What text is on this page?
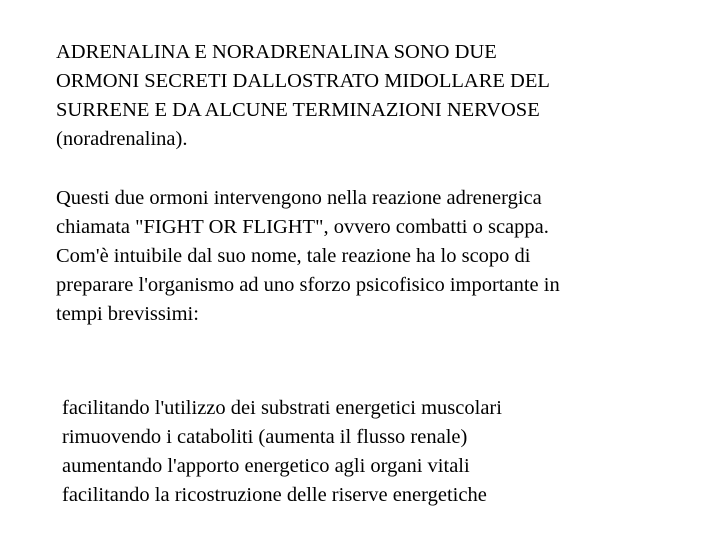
ADRENALINA E NORADRENALINA SONO DUE
ORMONI SECRETI DALLOSTRATO MIDOLLARE DEL
SURRENE E DA ALCUNE TERMINAZIONI NERVOSE
(noradrenalina).
Questi due ormoni intervengono nella reazione adrenergica
chiamata "FIGHT OR FLIGHT", ovvero combatti o scappa.
Com'è intuibile dal suo nome, tale reazione ha lo scopo di
preparare l'organismo ad uno sforzo psicofisico importante in
tempi brevissimi:
facilitando l'utilizzo dei substrati energetici muscolari
rimuovendo i cataboliti (aumenta il flusso renale)
aumentando l'apporto energetico agli organi vitali
facilitando la ricostruzione delle riserve energetiche
